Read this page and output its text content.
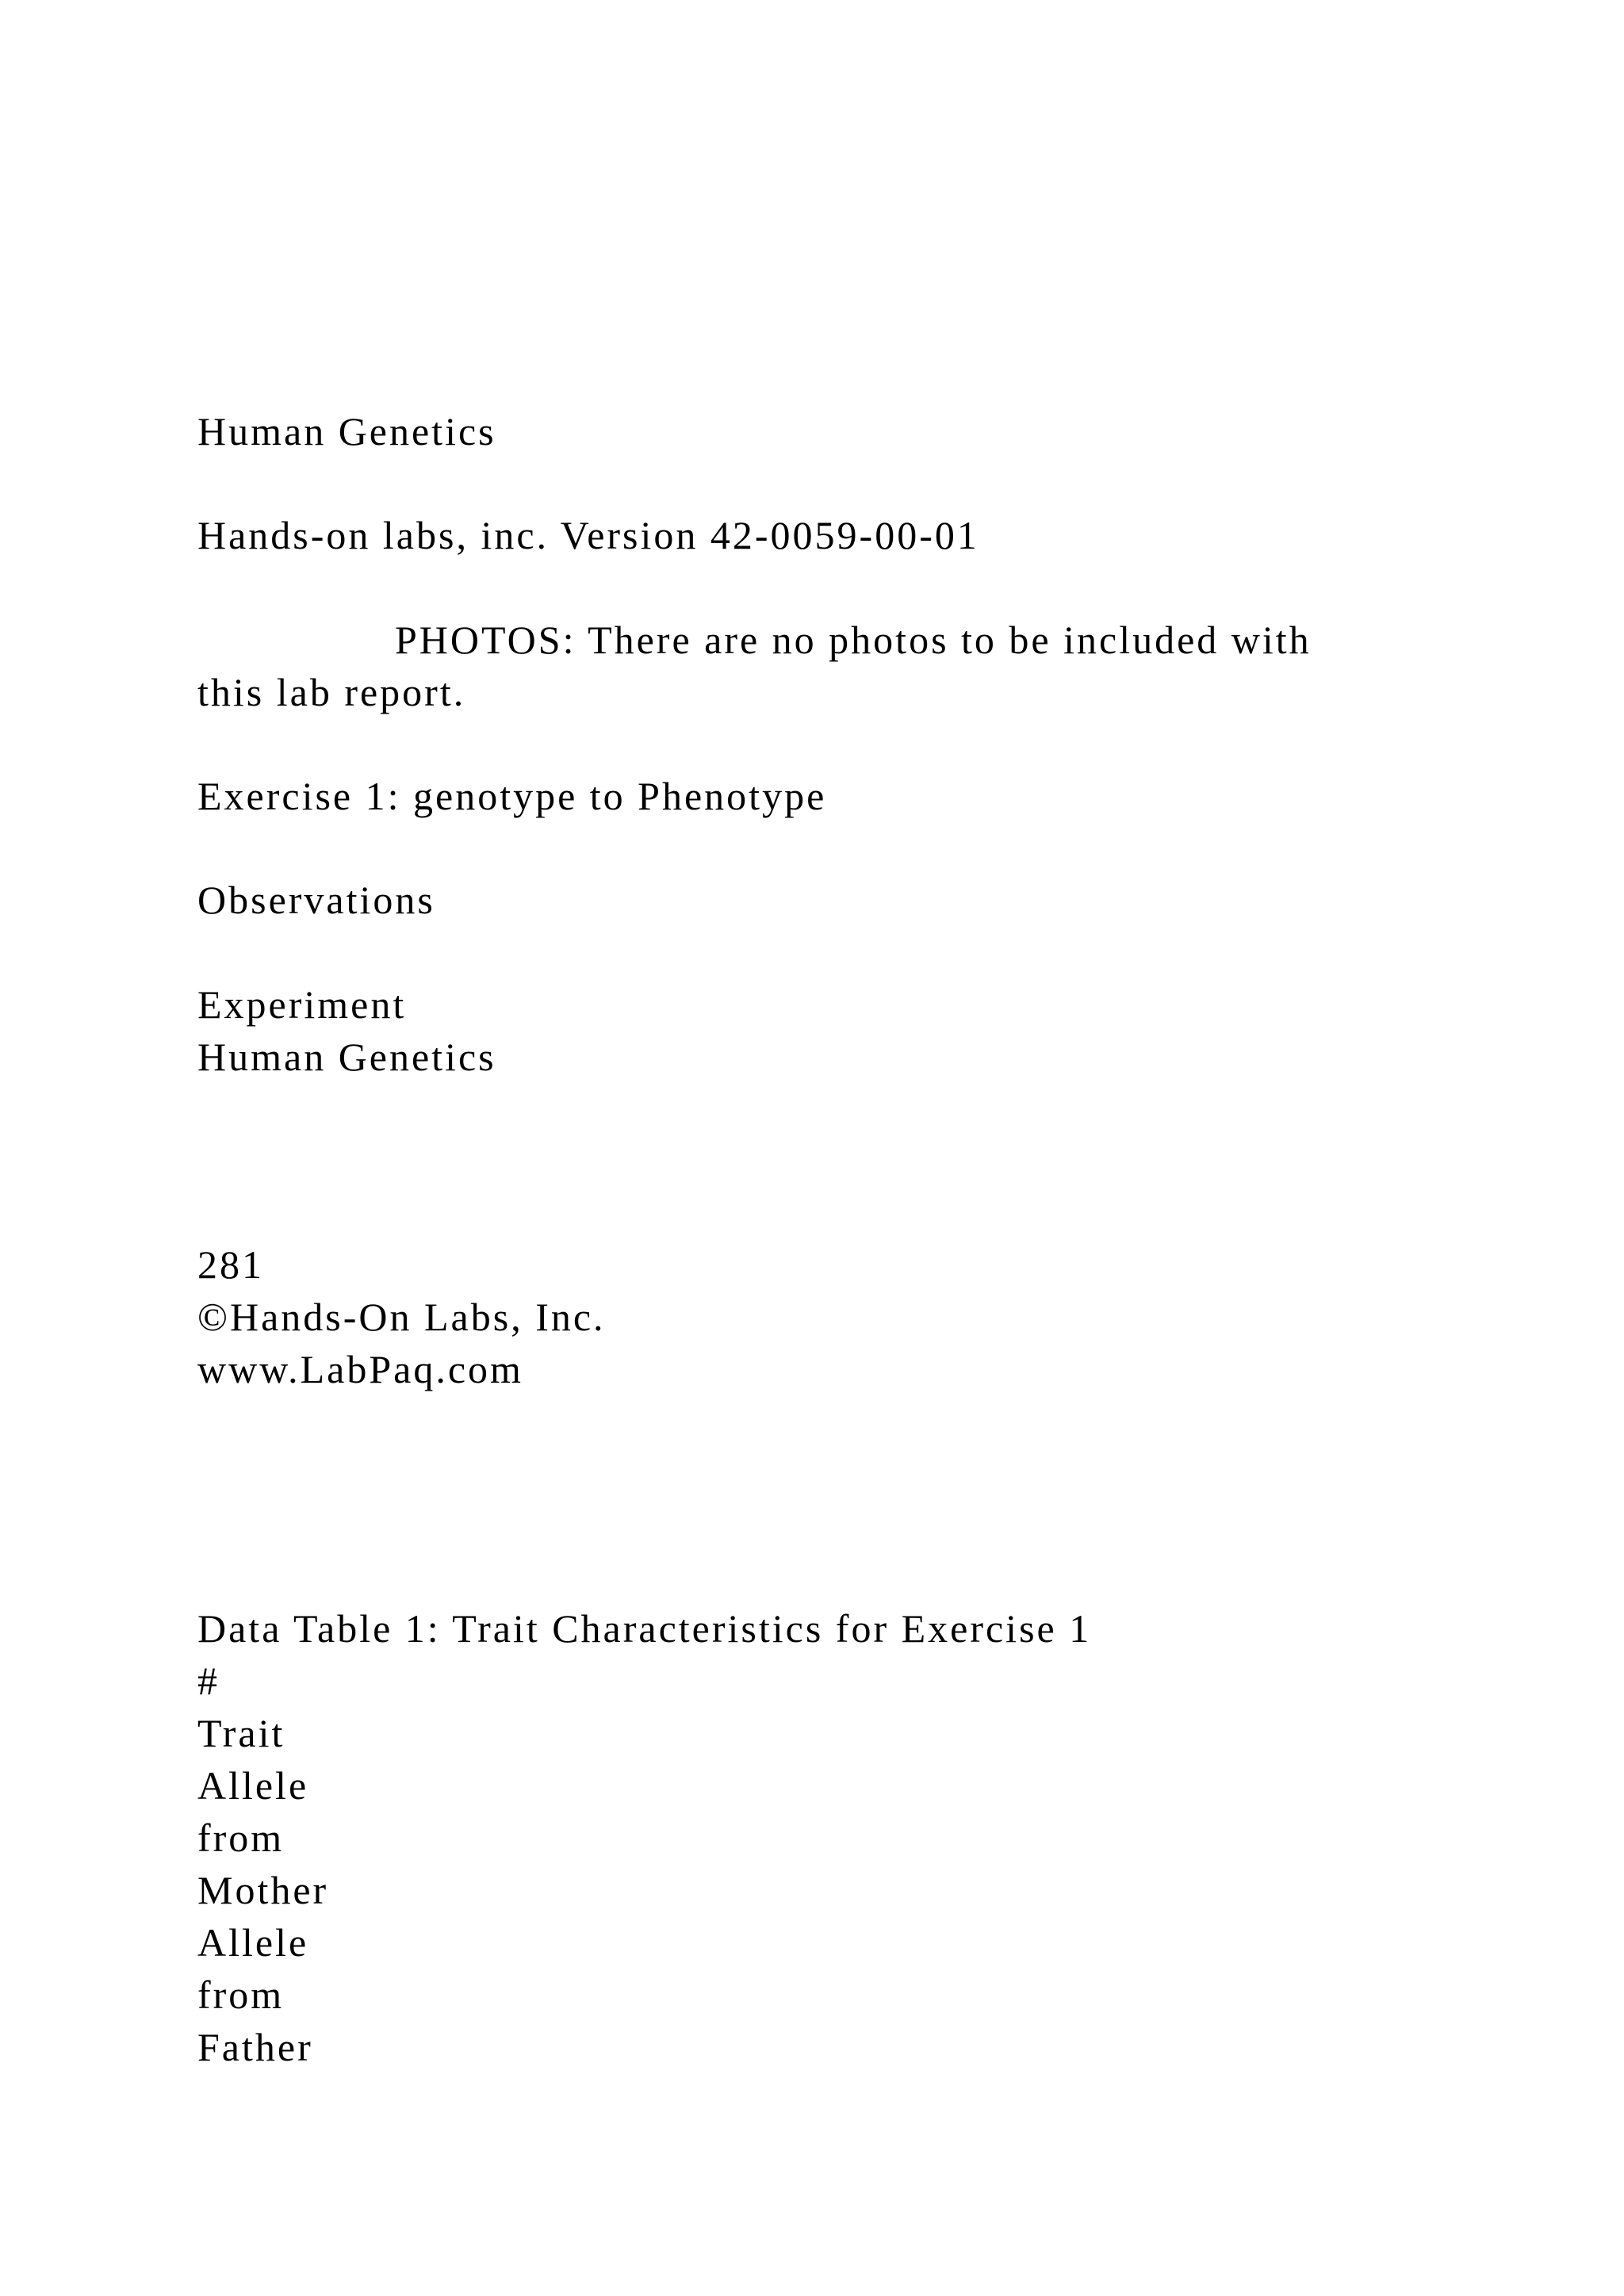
Human Genetics
Hands-on labs, inc. Version 42-0059-00-01
PHOTOS: There are no photos to be included with
this lab report.
Exercise 1: genotype to Phenotype
Observations
Experiment
Human Genetics
281
©Hands-On Labs, Inc.
www.LabPaq.com
Data Table 1: Trait Characteristics for Exercise 1
#
Trait
Allele
from
Mother
Allele
from
Father
